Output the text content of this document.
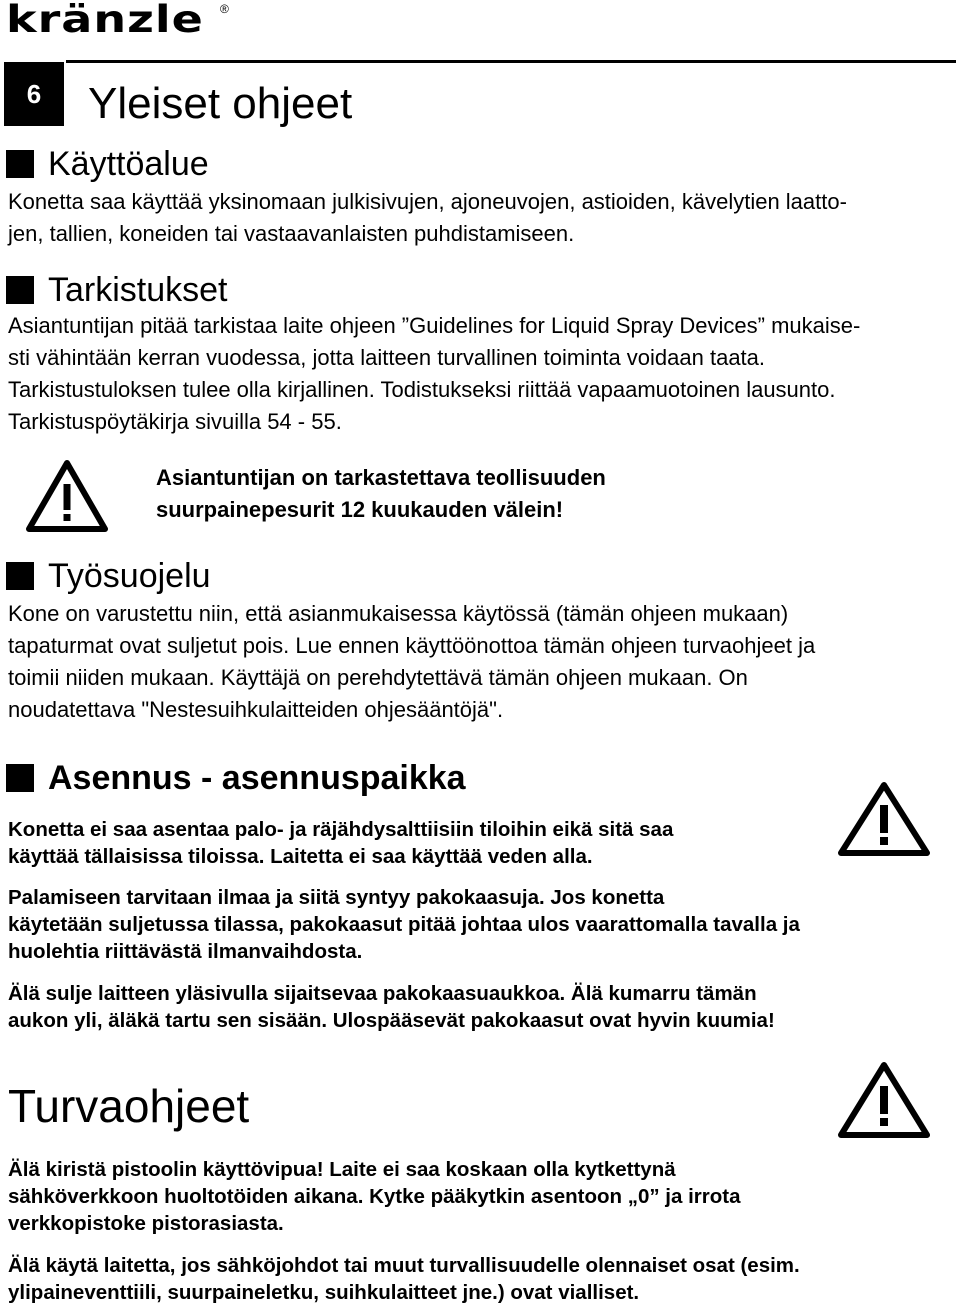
kränzle ®
6	Yleiset ohjeet
Käyttöalue
Konetta saa käyttää yksinomaan julkisivujen, ajoneuvojen, astioiden, kävelytien laatto-
jen, tallien, koneiden tai vastaavanlaisten puhdistamiseen.
Tarkistukset
Asiantuntijan pitää tarkistaa laite ohjeen ”Guidelines for Liquid Spray Devices” mukaise-
sti vähintään kerran vuodessa, jotta laitteen turvallinen toiminta voidaan taata.
Tarkistustuloksen tulee olla kirjallinen. Todistukseksi riittää vapaamuotoinen lausunto.
Tarkistuspöytäkirja sivuilla 54 - 55.
Asiantuntijan on tarkastettava teollisuuden
suurpainepesurit 12 kuukauden välein!
Työsuojelu
Kone on varustettu niin, että asianmukaisessa käytössä (tämän ohjeen mukaan)
tapaturmat ovat suljetut pois. Lue ennen käyttöönottoa tämän ohjeen turvaohjeet ja
toimii niiden mukaan. Käyttäjä on perehdytettävä tämän ohjeen mukaan. On
noudatettava "Nestesuihkulaitteiden ohjesääntöjä".
Asennus - asennuspaikka
Konetta ei saa asentaa palo- ja räjähdysalttiisiin tiloihin eikä sitä saa
käyttää tällaisissa tiloissa. Laitetta ei saa käyttää veden alla.
Palamiseen tarvitaan ilmaa ja siitä syntyy pakokaasuja. Jos konetta
käytetään suljetussa tilassa, pakokaasut pitää johtaa ulos vaarattomalla tavalla ja
huolehtia riittävästä ilmanvaihdosta.
Älä sulje laitteen yläsivulla sijaitsevaa pakokaasuaukkoa. Älä kumarru tämän
aukon yli, äläkä tartu sen sisään. Ulospääsevät pakokaasut ovat hyvin kuumia!
Turvaohjeet
Älä kiristä pistoolin käyttövipua! Laite ei saa koskaan olla kytkettynä
sähköverkkoon huoltotöiden aikana. Kytke pääkytkin asentoon „0” ja irrota
verkkopistoke pistorasiasta.
Älä käytä laitetta, jos sähköjohdot tai muut turvallisuudelle olennaiset osat (esim.
ylipaineventtiili, suurpaineletku, suihkulaitteet jne.) ovat vialliset.
